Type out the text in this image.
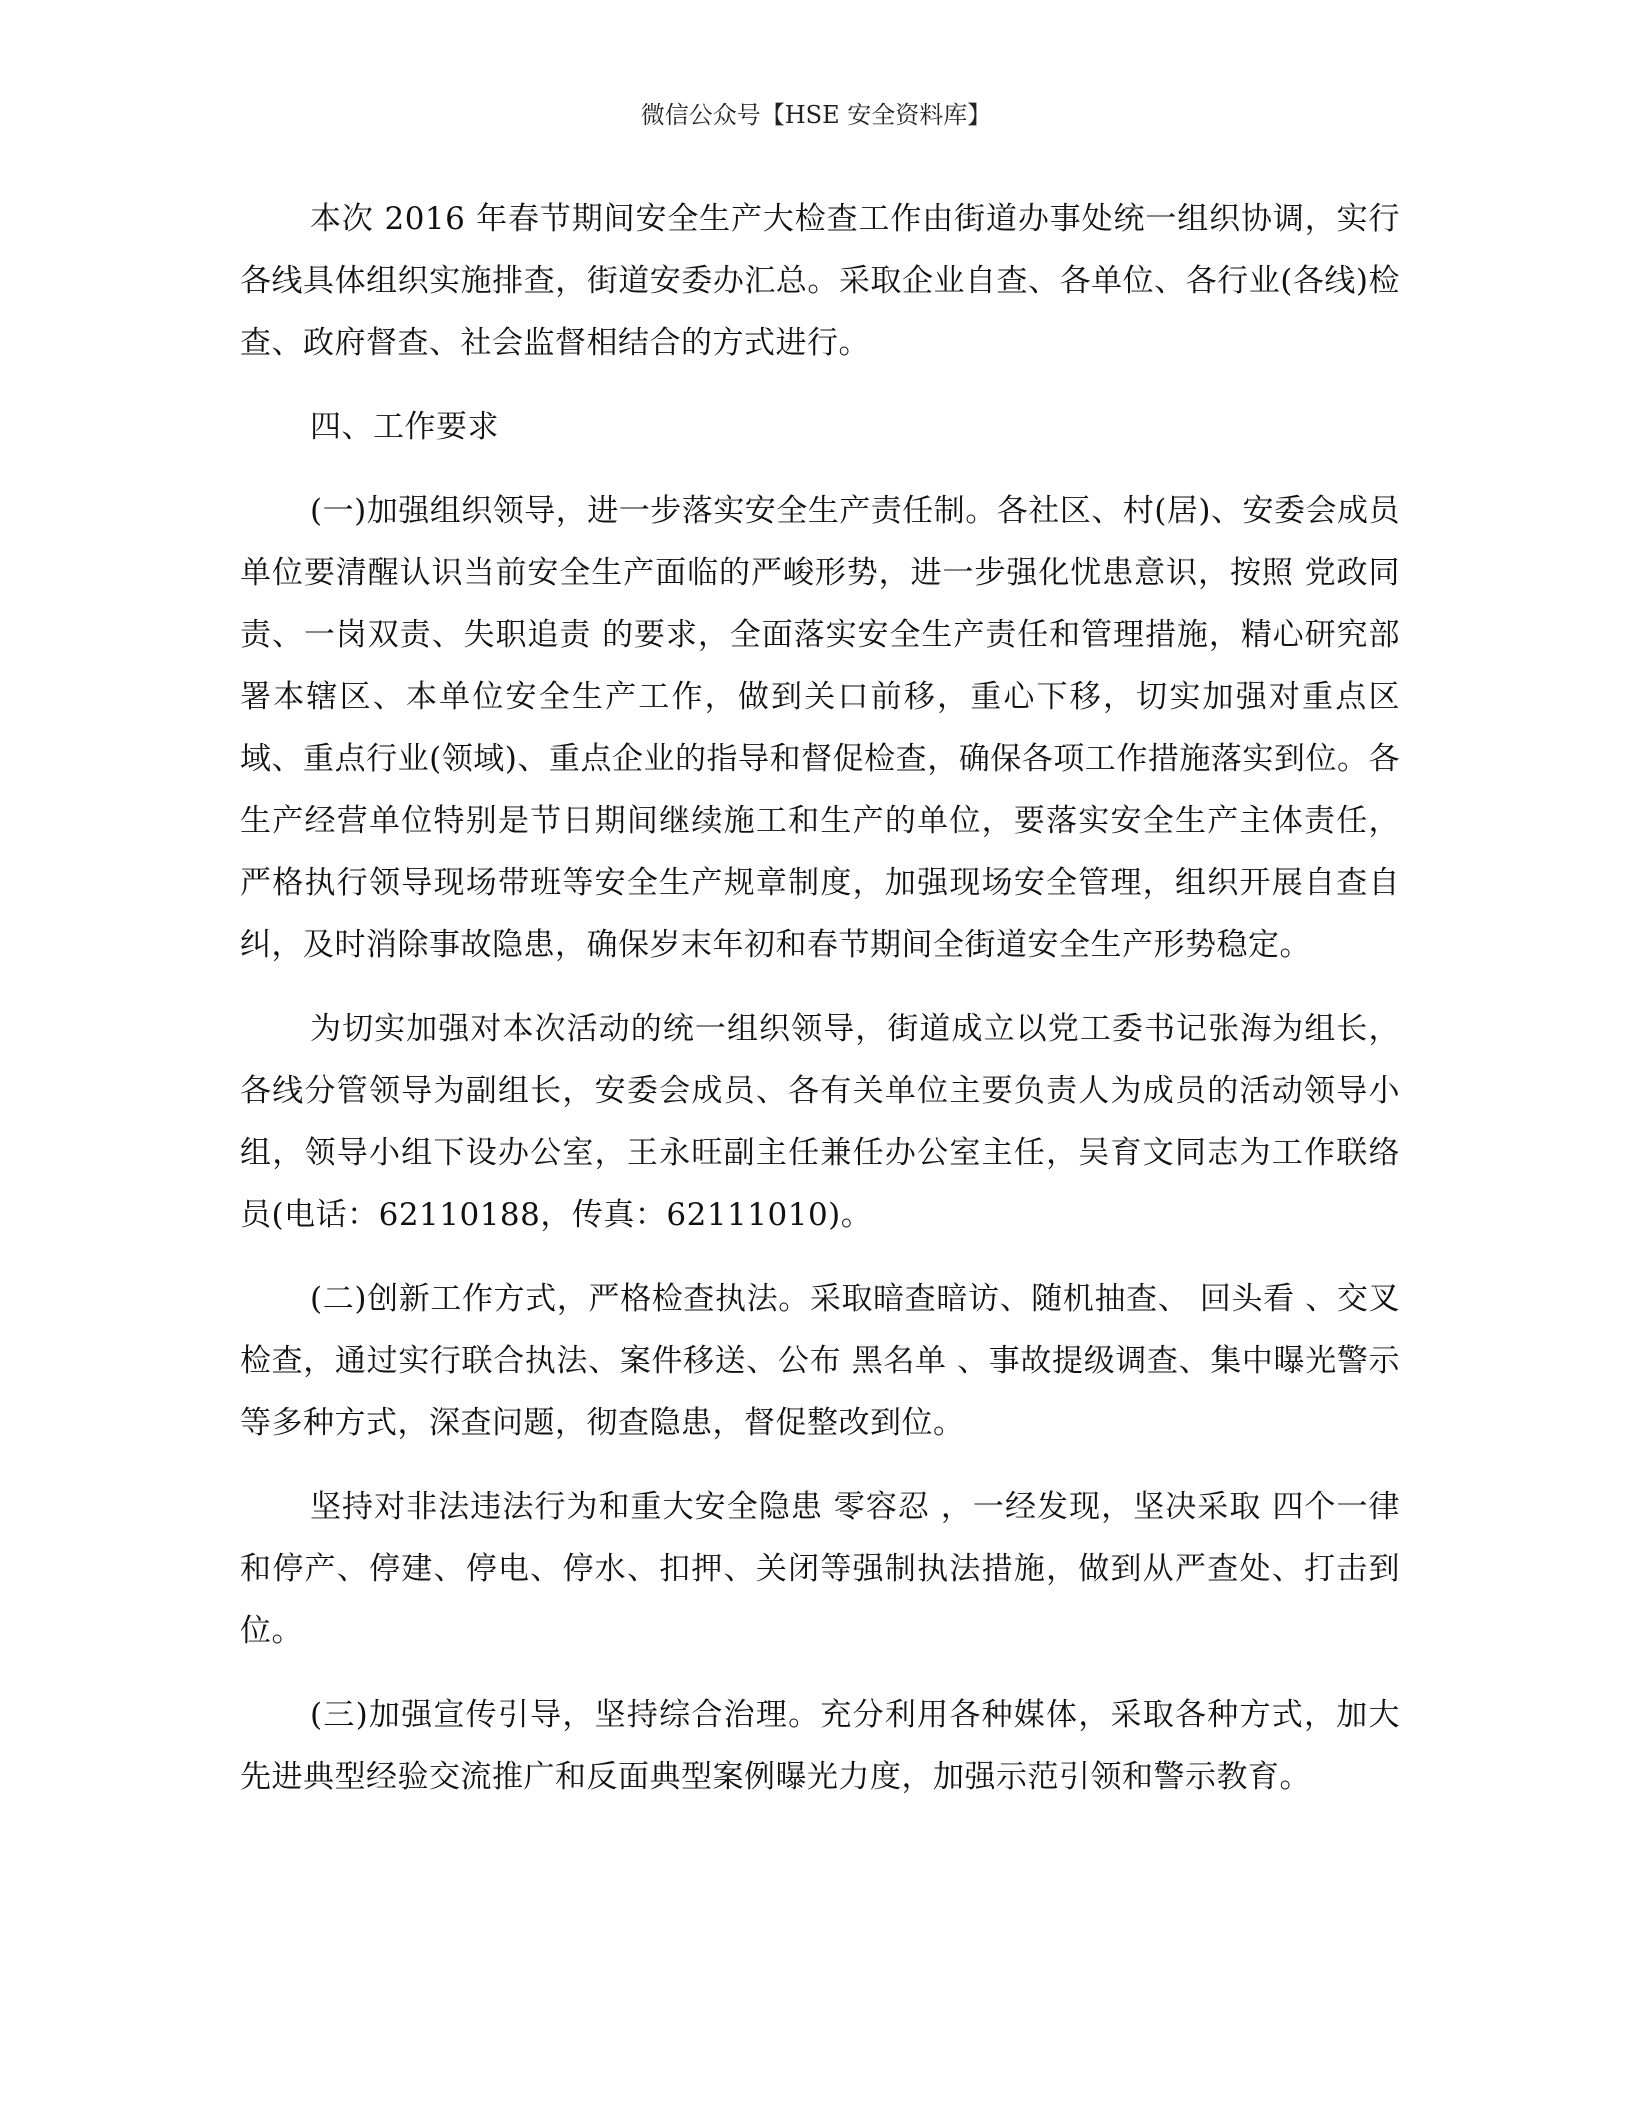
微信公众号【HSE 安全资料库】

本次 2016 年春节期间安全生产大检查工作由街道办事处统一组织协调，实行各线具体组织实施排查，街道安委办汇总。采取企业自查、各单位、各行业(各线)检查、政府督查、社会监督相结合的方式进行。

四、工作要求

(一)加强组织领导，进一步落实安全生产责任制。各社区、村(居)、安委会成员单位要清醒认识当前安全生产面临的严峻形势，进一步强化忧患意识，按照 党政同责、一岗双责、失职追责 的要求，全面落实安全生产责任和管理措施，精心研究部署本辖区、本单位安全生产工作，做到关口前移，重心下移，切实加强对重点区域、重点行业(领域)、重点企业的指导和督促检查，确保各项工作措施落实到位。各生产经营单位特别是节日期间继续施工和生产的单位，要落实安全生产主体责任，严格执行领导现场带班等安全生产规章制度，加强现场安全管理，组织开展自查自纠，及时消除事故隐患，确保岁末年初和春节期间全街道安全生产形势稳定。

为切实加强对本次活动的统一组织领导，街道成立以党工委书记张海为组长，各线分管领导为副组长，安委会成员、各有关单位主要负责人为成员的活动领导小组，领导小组下设办公室，王永旺副主任兼任办公室主任，吴育文同志为工作联络员(电话：62110188，传真：62111010)。

(二)创新工作方式，严格检查执法。采取暗查暗访、随机抽查、 回头看 、交叉检查，通过实行联合执法、案件移送、公布 黑名单 、事故提级调查、集中曝光警示等多种方式，深查问题，彻查隐患，督促整改到位。

坚持对非法违法行为和重大安全隐患 零容忍 ，一经发现，坚决采取 四个一律 和停产、停建、停电、停水、扣押、关闭等强制执法措施，做到从严查处、打击到位。

(三)加强宣传引导，坚持综合治理。充分利用各种媒体，采取各种方式，加大先进典型经验交流推广和反面典型案例曝光力度，加强示范引领和警示教育。
